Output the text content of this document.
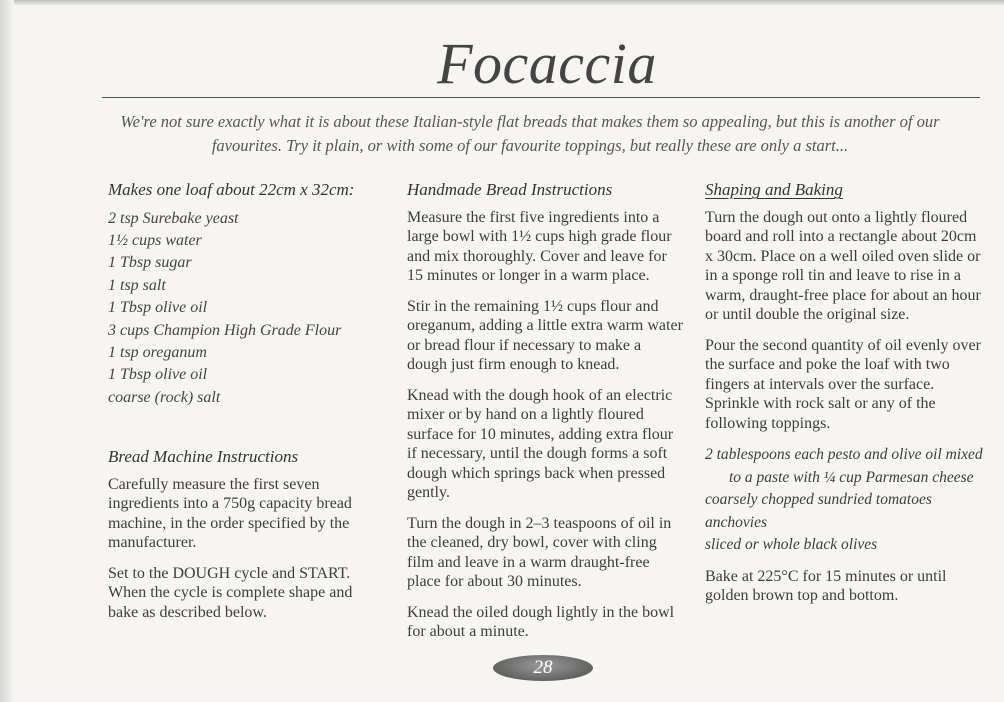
Focaccia
We're not sure exactly what it is about these Italian-style flat breads that makes them so appealing, but this is another of our favourites. Try it plain, or with some of our favourite toppings, but really these are only a start...

Makes one loaf about 22cm x 32cm:

2 tsp Surebake yeast

1½ cups water

1 Tbsp sugar

1 tsp salt

1 Tbsp olive oil

3 cups Champion High Grade Flour

1 tsp oreganum

1 Tbsp olive oil

coarse (rock) salt

Bread Machine Instructions

Carefully measure the first seven ingredients into a 750g capacity bread machine, in the order specified by the manufacturer.

Set to the DOUGH cycle and START. When the cycle is complete shape and bake as described below.

Handmade Bread Instructions

Measure the first five ingredients into a large bowl with 1½ cups high grade flour and mix thoroughly. Cover and leave for 15 minutes or longer in a warm place.

Stir in the remaining 1½ cups flour and oreganum, adding a little extra warm water or bread flour if necessary to make a dough just firm enough to knead.

Knead with the dough hook of an electric mixer or by hand on a lightly floured surface for 10 minutes, adding extra flour if necessary, until the dough forms a soft dough which springs back when pressed gently.

Turn the dough in 2–3 teaspoons of oil in the cleaned, dry bowl, cover with cling film and leave in a warm draught-free place for about 30 minutes.

Knead the oiled dough lightly in the bowl for about a minute.

Shaping and Baking

Turn the dough out onto a lightly floured board and roll into a rectangle about 20cm x 30cm. Place on a well oiled oven slide or in a sponge roll tin and leave to rise in a warm, draught-free place for about an hour or until double the original size.

Pour the second quantity of oil evenly over the surface and poke the loaf with two fingers at intervals over the surface. Sprinkle with rock salt or any of the following toppings.

2 tablespoons each pesto and olive oil mixed

to a paste with ¼ cup Parmesan cheese

coarsely chopped sundried tomatoes

anchovies

sliced or whole black olives

Bake at 225°C for 15 minutes or until golden brown top and bottom.

28
